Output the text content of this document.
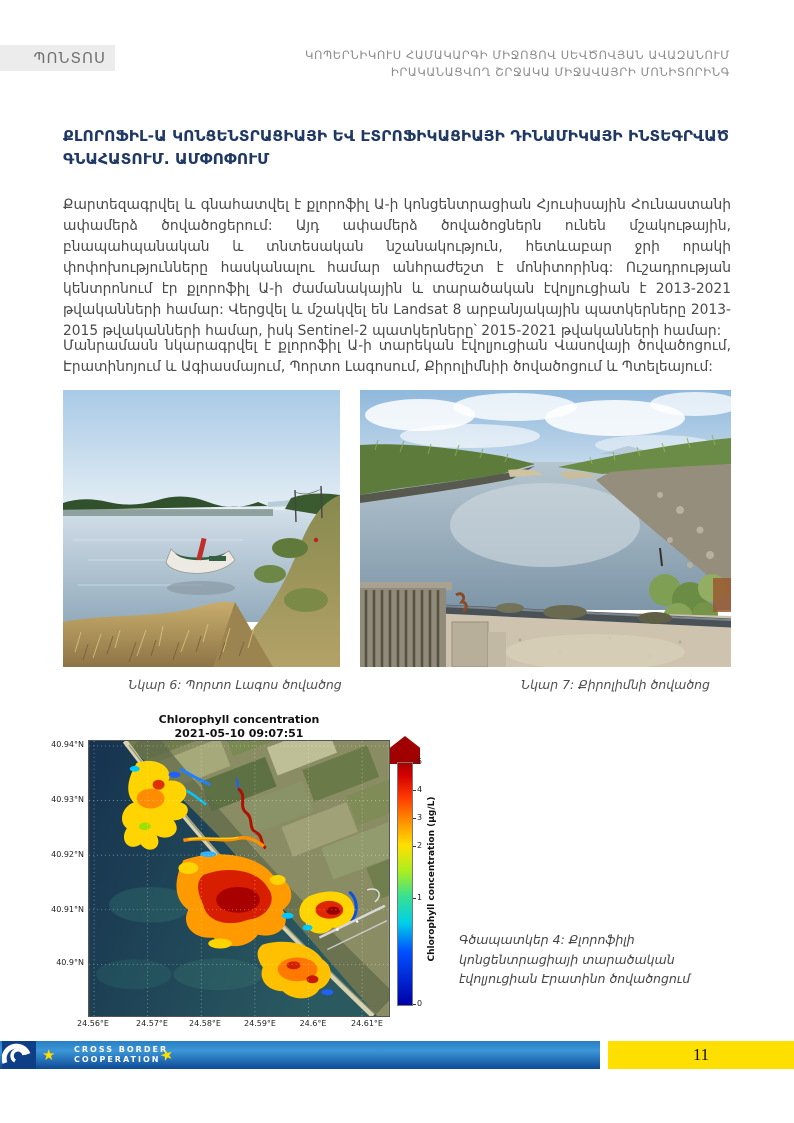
ՊՈՆՏՈՍ	ԿՈՊԵՐՆԻԿՈՒՍ ՀԱՄԱԿԱՐԳԻ ՄԻՋՈՑՈՎ ՍԵՎԾՈՎՅԱՆ ԱՎԱԶԱՆՈՒՄ
ԻՐԱԿԱՆԱՑՎՈՂ ՇՐՋԱԿԱ ՄԻՋԱՎԱՅՐԻ ՄՈՆԻՏՈՐԻՆԳ
ՔԼՈՐՈՖԻԼ-Ա ԿՈՆՑԵՆՏՐԱՑԻԱՅԻ ԵՎ ԷՏՐՈՖԻԿԱՑԻԱՅԻ ԴԻՆԱՄԻԿԱՅԻ ԻՆՏԵԳՐՎԱԾ
ԳՆԱՀԱՏՈՒՄ. ԱՄՓՈՓՈՒՄ

Քարտեզագրվել և գնահատվել է քլորոֆիլ Ա-ի կոնցենտրացիան Հյուսիսային Հունաստանի ափամերձ ծովածոցերում: Այդ ափամերձ ծովածոցներն ունեն մշակութային, բնապահպանական և տնտեսական նշանակություն, հետևաբար ջրի որակի փոփոխությունները հասկանալու համար անհրաժեշտ է մոնիտորինգ: Ուշադրության կենտրոնում էր քլորոֆիլ Ա-ի ժամանակային և տարածական էվոլյուցիան է 2013-2021 թվականների համար: Վերցվել և մշակվել են Landsat 8 արբանյակային պատկերները 2013-2015 թվականների համար, իսկ Sentinel-2 պատկերները՝ 2015-2021 թվականների համար:

Մանրամասն նկարագրվել է քլորոֆիլ Ա-ի տարեկան էվոլյուցիան Վասովայի ծովածոցում, Էրատինոյում և Ագիասմայում, Պորտո Լագոսում, Քիրոլիմնիի ծովածոցում և Պտելեայում:

Նկար 6: Պորտո Լագոս ծովածոց	Նկար 7: Քիրոլիմնի ծովածոց
Chlorophyll concentration
2021-05-10 09:07:51
40.94°N
40.93°N
40.92°N
40.91°N
40.9°N
24.56°E	24.57°E	24.58°E	24.59°E	24.6°E	24.61°E
5
4
3
2
1
0
Chlorophyll concentration (μg/L) Գծապատկեր 4: Քլորոֆիլի կոնցենտրացիայի տարածական էվոլյուցիան Էրատինո ծովածոցում
★ CROSS BORDER
COOPERATION
★	11
